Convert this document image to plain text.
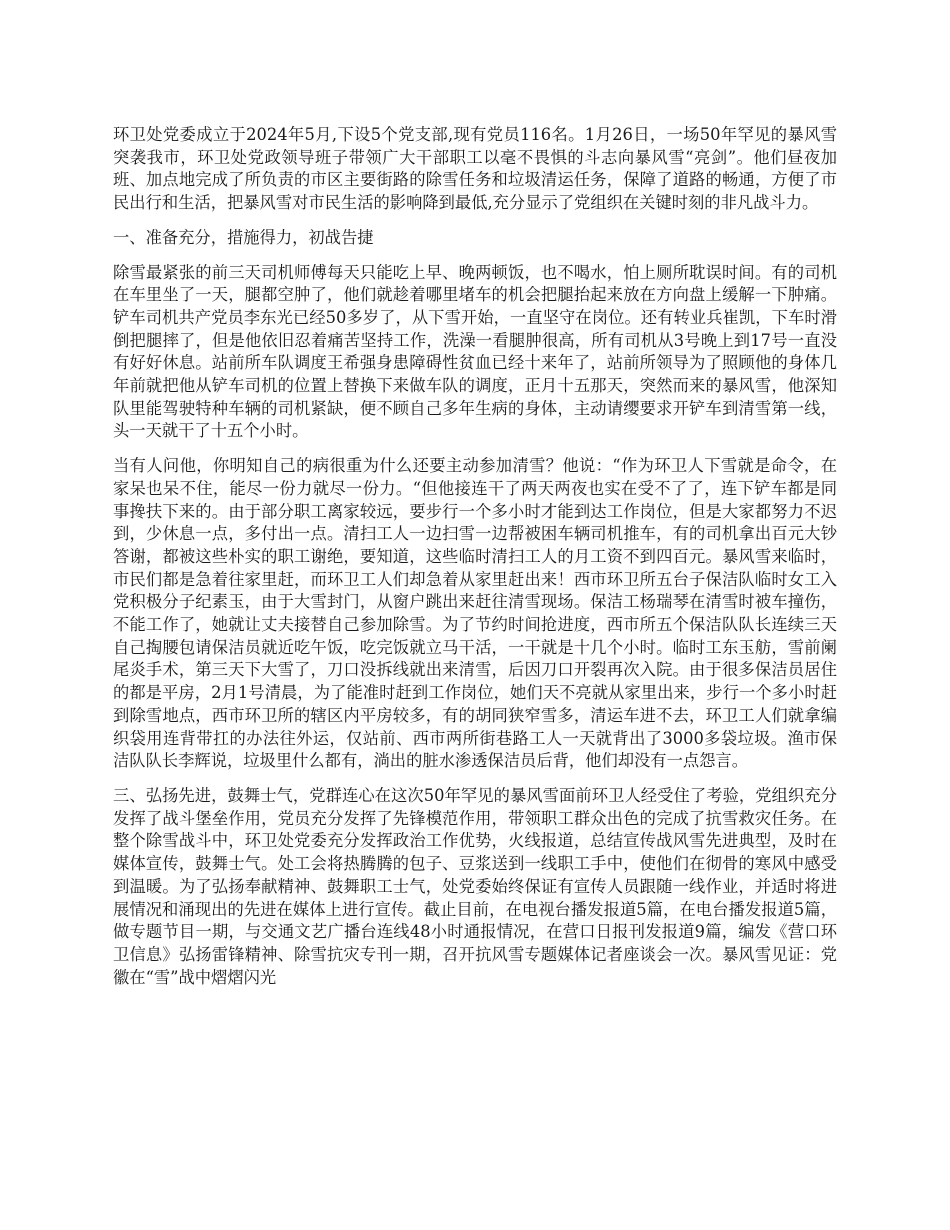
环卫处党委成立于2024年5月,下设5个党支部,现有党员116名。1月26日，一场50年罕见的暴风雪突袭我市，环卫处党政领导班子带领广大干部职工以毫不畏惧的斗志向暴风雪“亮剑”。他们昼夜加班、加点地完成了所负责的市区主要街路的除雪任务和垃圾清运任务，保障了道路的畅通，方便了市民出行和生活，把暴风雪对市民生活的影响降到最低,充分显示了党组织在关键时刻的非凡战斗力。

一、准备充分，措施得力，初战告捷

除雪最紧张的前三天司机师傅每天只能吃上早、晚两顿饭，也不喝水，怕上厕所耽误时间。有的司机在车里坐了一天，腿都空肿了，他们就趁着哪里堵车的机会把腿抬起来放在方向盘上缓解一下肿痛。铲车司机共产党员李东光已经50多岁了，从下雪开始，一直坚守在岗位。还有转业兵崔凯，下车时滑倒把腿摔了，但是他依旧忍着痛苦坚持工作，洗澡一看腿肿很高，所有司机从3号晚上到17号一直没有好好休息。站前所车队调度王希强身患障碍性贫血已经十来年了，站前所领导为了照顾他的身体几年前就把他从铲车司机的位置上替换下来做车队的调度，正月十五那天，突然而来的暴风雪，他深知队里能驾驶特种车辆的司机紧缺，便不顾自己多年生病的身体，主动请缨要求开铲车到清雪第一线，头一天就干了十五个小时。

当有人问他，你明知自己的病很重为什么还要主动参加清雪？他说：“作为环卫人下雪就是命令，在家呆也呆不住，能尽一份力就尽一份力。“但他接连干了两天两夜也实在受不了了，连下铲车都是同事搀扶下来的。由于部分职工离家较远，要步行一个多小时才能到达工作岗位，但是大家都努力不迟到，少休息一点，多付出一点。清扫工人一边扫雪一边帮被困车辆司机推车，有的司机拿出百元大钞答谢，都被这些朴实的职工谢绝，要知道，这些临时清扫工人的月工资不到四百元。暴风雪来临时，市民们都是急着往家里赶，而环卫工人们却急着从家里赶出来！西市环卫所五台子保洁队临时女工入党积极分子纪素玉，由于大雪封门，从窗户跳出来赶往清雪现场。保洁工杨瑞琴在清雪时被车撞伤，不能工作了，她就让丈夫接替自己参加除雪。为了节约时间抢进度，西市所五个保洁队队长连续三天自己掏腰包请保洁员就近吃午饭，吃完饭就立马干活，一干就是十几个小时。临时工东玉舫，雪前阑尾炎手术，第三天下大雪了，刀口没拆线就出来清雪，后因刀口开裂再次入院。由于很多保洁员居住的都是平房，2月1号清晨，为了能准时赶到工作岗位，她们天不亮就从家里出来，步行一个多小时赶到除雪地点，西市环卫所的辖区内平房较多，有的胡同狭窄雪多，清运车进不去，环卫工人们就拿编织袋用连背带扛的办法往外运，仅站前、西市两所街巷路工人一天就背出了3000多袋垃圾。渔市保洁队队长李辉说，垃圾里什么都有，淌出的脏水渗透保洁员后背，他们却没有一点怨言。

三、弘扬先进，鼓舞士气，党群连心在这次50年罕见的暴风雪面前环卫人经受住了考验，党组织充分发挥了战斗堡垒作用，党员充分发挥了先锋模范作用，带领职工群众出色的完成了抗雪救灾任务。在整个除雪战斗中，环卫处党委充分发挥政治工作优势，火线报道，总结宣传战风雪先进典型，及时在媒体宣传，鼓舞士气。处工会将热腾腾的包子、豆浆送到一线职工手中，使他们在彻骨的寒风中感受到温暖。为了弘扬奉献精神、鼓舞职工士气，处党委始终保证有宣传人员跟随一线作业，并适时将进展情况和涌现出的先进在媒体上进行宣传。截止目前，在电视台播发报道5篇，在电台播发报道5篇，做专题节目一期，与交通文艺广播台连线48小时通报情况，在营口日报刊发报道9篇，编发《营口环卫信息》弘扬雷锋精神、除雪抗灾专刊一期，召开抗风雪专题媒体记者座谈会一次。暴风雪见证：党徽在“雪”战中熠熠闪光
